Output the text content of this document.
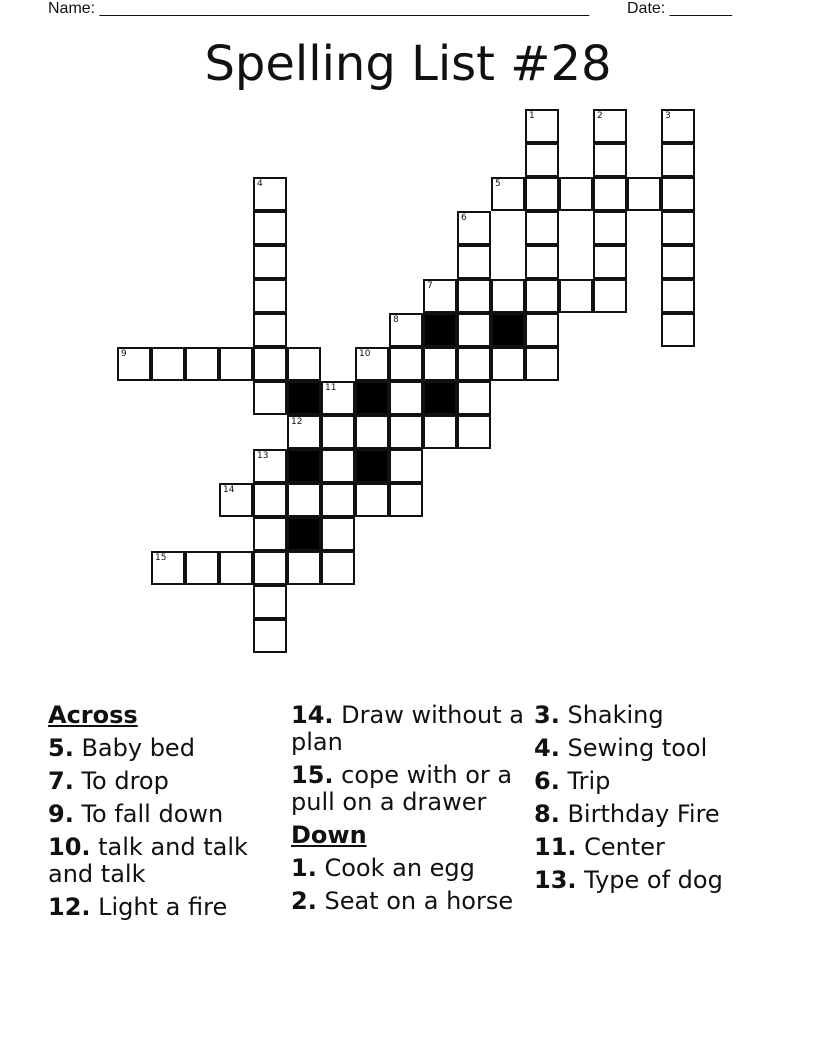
Name: _______________________________________________________ Date: _______
Spelling List #28
1	2	3
4	5
6
7
8
9	10
11
12
13
14
15
Across
5. Baby bed
7. To drop
9. To fall down
10. talk and talk and talk
12. Light a fire
14. Draw without a plan
15. cope with or a pull on a drawer
Down
1. Cook an egg
2. Seat on a horse
3. Shaking
4. Sewing tool
6. Trip
8. Birthday Fire
11. Center
13. Type of dog
